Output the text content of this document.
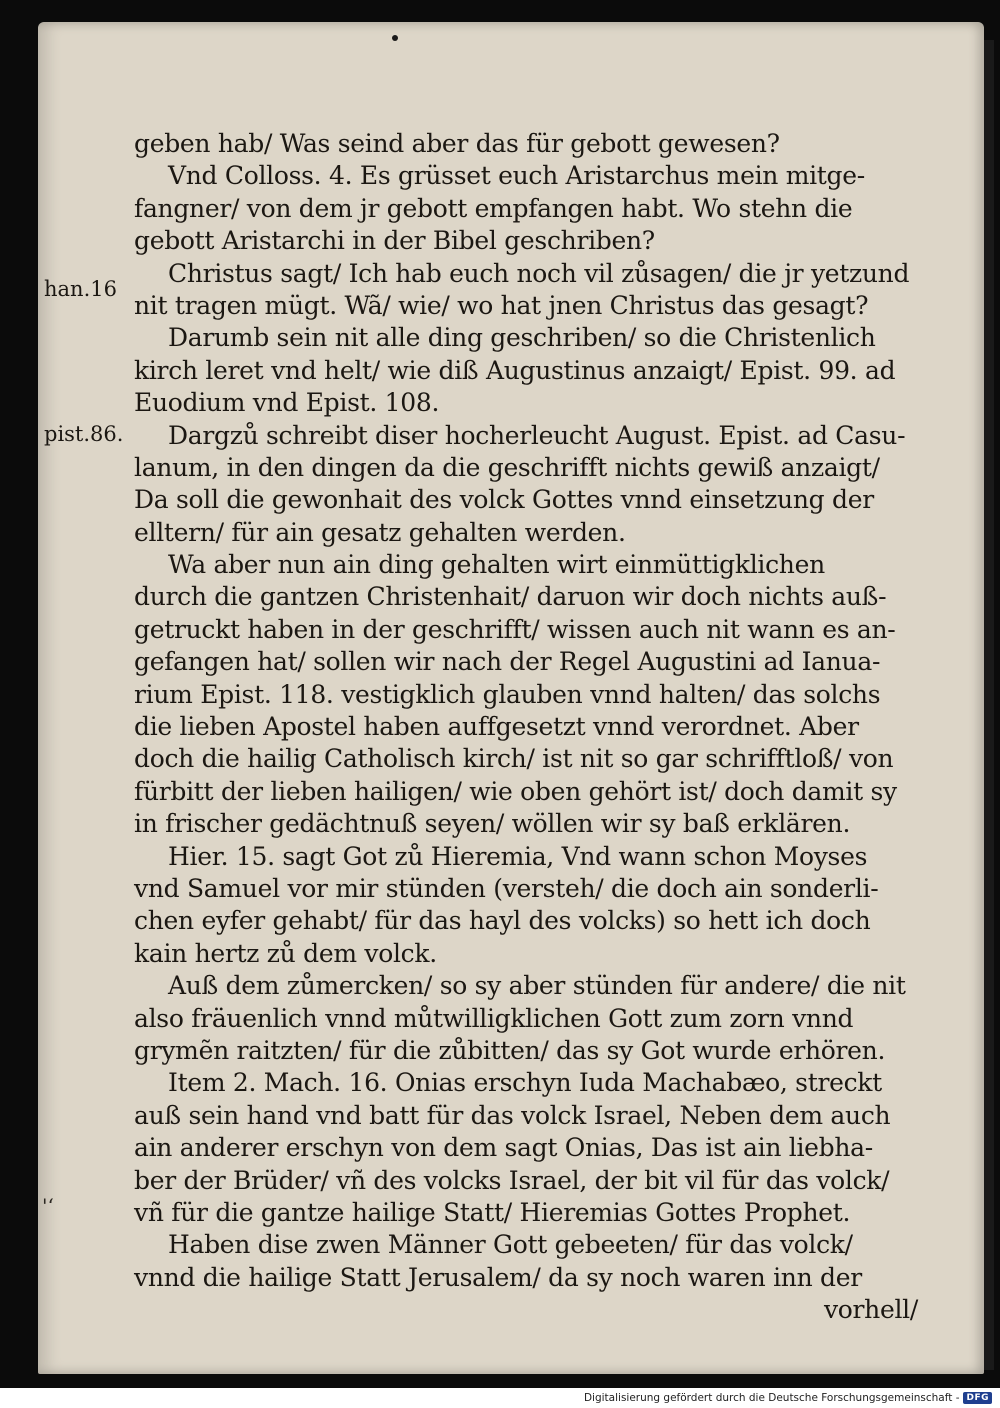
han.16
pist.86.
'‘
geben hab/ Was seind aber das für gebott gewesen?
Vnd Colloss. 4. Es grüsset euch Aristarchus mein mitge-
fangner/ von dem jr gebott empfangen habt. Wo stehn die
gebott Aristarchi in der Bibel geschriben?
Christus sagt/ Ich hab euch noch vil zůsagen/ die jr yetzund
nit tragen mügt. Wã/ wie/ wo hat jnen Christus das gesagt?
Darumb sein nit alle ding geschriben/ so die Christenlich
kirch leret vnd helt/ wie diß Augustinus anzaigt/ Epist. 99. ad
Euodium vnd Epist. 108.
Dargzů schreibt diser hocherleucht August. Epist. ad Casu-
lanum, in den dingen da die geschrifft nichts gewiß anzaigt/
Da soll die gewonhait des volck Gottes vnnd einsetzung der
elltern/ für ain gesatz gehalten werden.
Wa aber nun ain ding gehalten wirt einmüttigklichen
durch die gantzen Christenhait/ daruon wir doch nichts auß-
getruckt haben in der geschrifft/ wissen auch nit wann es an-
gefangen hat/ sollen wir nach der Regel Augustini ad Ianua-
rium Epist. 118. vestigklich glauben vnnd halten/ das solchs
die lieben Apostel haben auffgesetzt vnnd verordnet. Aber
doch die hailig Catholisch kirch/ ist nit so gar schrifftloß/ von
fürbitt der lieben hailigen/ wie oben gehört ist/ doch damit sy
in frischer gedächtnuß seyen/ wöllen wir sy baß erklären.
Hier. 15. sagt Got zů Hieremia, Vnd wann schon Moyses
vnd Samuel vor mir stünden (versteh/ die doch ain sonderli-
chen eyfer gehabt/ für das hayl des volcks) so hett ich doch
kain hertz zů dem volck.
Auß dem zůmercken/ so sy aber stünden für andere/ die nit
also fräuenlich vnnd můtwilligklichen Gott zum zorn vnnd
grymẽn raitzten/ für die zůbitten/ das sy Got wurde erhören.
Item 2. Mach. 16. Onias erschyn Iuda Machabæo, streckt
auß sein hand vnd batt für das volck Israel, Neben dem auch
ain anderer erschyn von dem sagt Onias, Das ist ain liebha-
ber der Brüder/ vñ des volcks Israel, der bit vil für das volck/
vñ für die gantze hailige Statt/ Hieremias Gottes Prophet.
Haben dise zwen Männer Gott gebeeten/ für das volck/
vnnd die hailige Statt Jerusalem/ da sy noch waren inn der
vorhell/
Digitalisierung gefördert durch die Deutsche Forschungsgemeinschaft - DFG
